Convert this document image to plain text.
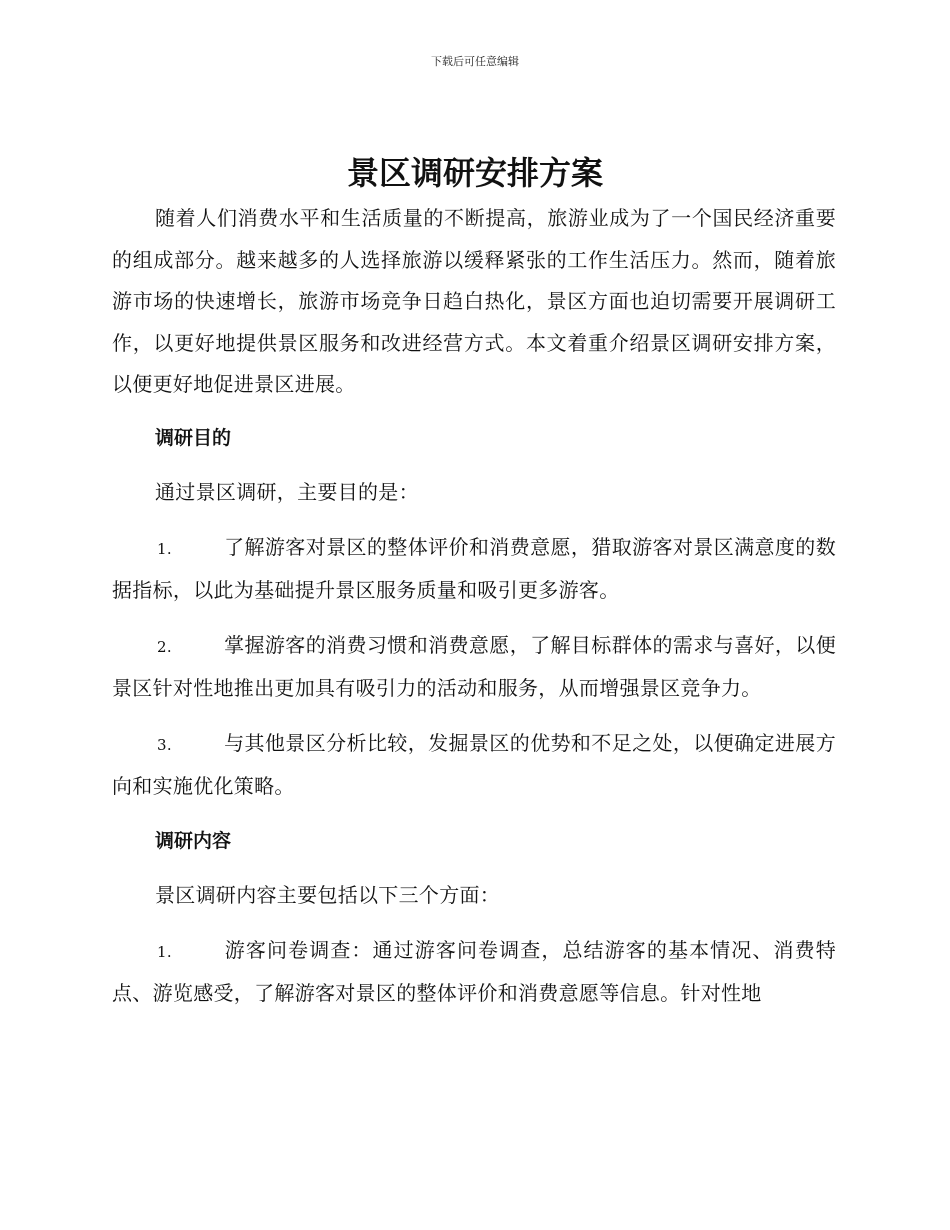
下载后可任意编辑
景区调研安排方案

随着人们消费水平和生活质量的不断提高，旅游业成为了一个国民经济重要的组成部分。越来越多的人选择旅游以缓释紧张的工作生活压力。然而，随着旅游市场的快速增长，旅游市场竞争日趋白热化，景区方面也迫切需要开展调研工作，以更好地提供景区服务和改进经营方式。本文着重介绍景区调研安排方案，以便更好地促进景区进展。

调研目的

通过景区调研，主要目的是：

1.	了解游客对景区的整体评价和消费意愿，猎取游客对景区满意度的数据指标，以此为基础提升景区服务质量和吸引更多游客。

2.	掌握游客的消费习惯和消费意愿，了解目标群体的需求与喜好，以便景区针对性地推出更加具有吸引力的活动和服务，从而增强景区竞争力。

3.	与其他景区分析比较，发掘景区的优势和不足之处，以便确定进展方向和实施优化策略。

调研内容

景区调研内容主要包括以下三个方面：

1.	游客问卷调查：通过游客问卷调查，总结游客的基本情况、消费特点、游览感受，了解游客对景区的整体评价和消费意愿等信息。针对性地
